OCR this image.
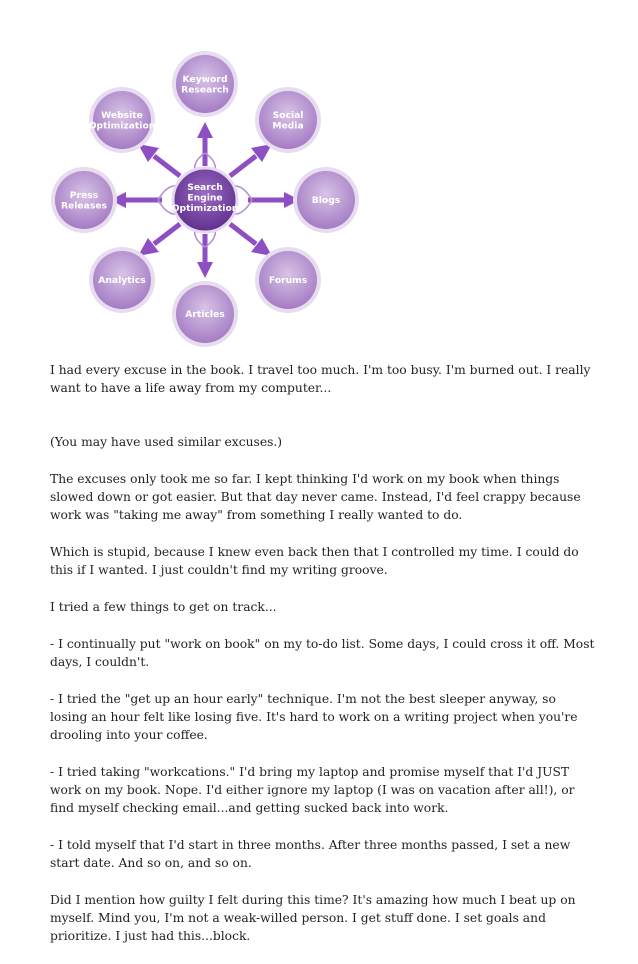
Search Engine Optimization
Keyword Research
Social Media
Blogs
Forums
Articles
Analytics
Press Releases
Website Optimization

I had every excuse in the book. I travel too much. I'm too busy. I'm burned out. I really want to have a life away from my computer...

(You may have used similar excuses.)

The excuses only took me so far. I kept thinking I'd work on my book when things slowed down or got easier. But that day never came. Instead, I'd feel crappy because work was "taking me away" from something I really wanted to do.

Which is stupid, because I knew even back then that I controlled my time. I could do this if I wanted. I just couldn't find my writing groove.

I tried a few things to get on track...

- I continually put "work on book" on my to-do list. Some days, I could cross it off. Most days, I couldn't.

- I tried the "get up an hour early" technique. I'm not the best sleeper anyway, so losing an hour felt like losing five. It's hard to work on a writing project when you're drooling into your coffee.

- I tried taking "workcations." I'd bring my laptop and promise myself that I'd JUST work on my book. Nope. I'd either ignore my laptop (I was on vacation after all!), or find myself checking email...and getting sucked back into work.

- I told myself that I'd start in three months. After three months passed, I set a new start date. And so on, and so on.

Did I mention how guilty I felt during this time? It's amazing how much I beat up on myself. Mind you, I'm not a weak-willed person. I get stuff done. I set goals and prioritize. I just had this...block.
